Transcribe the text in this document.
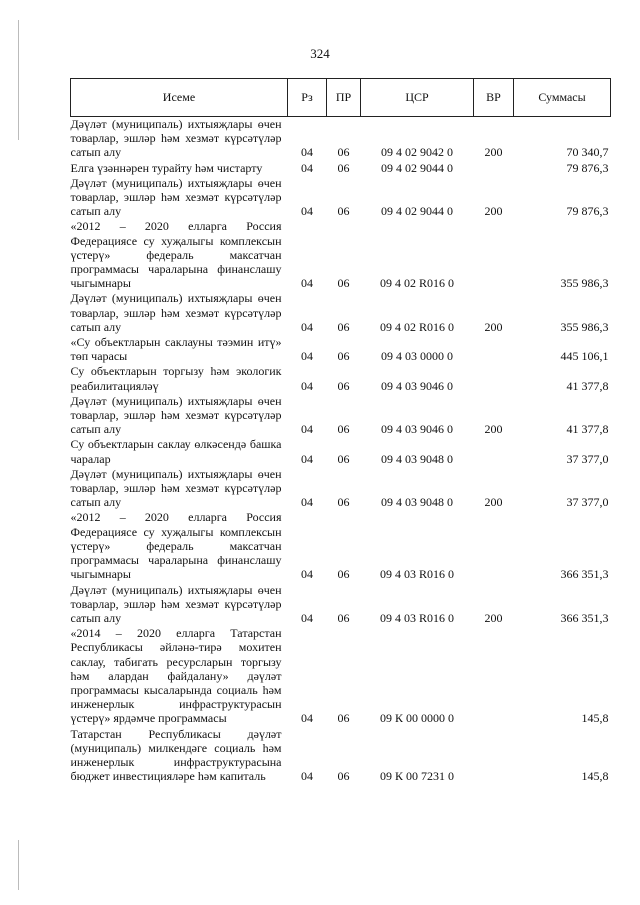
324
Исеме	Рз	ПР	ЦСР	ВР	Суммасы
Дәүләт (муниципаль) ихтыяҗлары өчен товарлар, эшләр һәм хезмәт күрсәтүләр сатып алу	04	06	09 4 02 9042 0	200	70 340,7
Елга үзәннәрен турайту һәм чистарту	04	06	09 4 02 9044 0		79 876,3
Дәүләт (муниципаль) ихтыяҗлары өчен товарлар, эшләр һәм хезмәт күрсәтүләр сатып алу	04	06	09 4 02 9044 0	200	79 876,3
«2012 – 2020 елларга Россия Федерациясе су хуҗалыгы комплексын үстерү» федераль максатчан программасы чараларына финанслашу чыгымнары	04	06	09 4 02 R016 0		355 986,3
Дәүләт (муниципаль) ихтыяҗлары өчен товарлар, эшләр һәм хезмәт күрсәтүләр сатып алу	04	06	09 4 02 R016 0	200	355 986,3
«Су объектларын саклауны тәэмин итү» төп чарасы	04	06	09 4 03 0000 0		445 106,1
Су объектларын торгызу һәм экологик реабилитацияләү	04	06	09 4 03 9046 0		41 377,8
Дәүләт (муниципаль) ихтыяҗлары өчен товарлар, эшләр һәм хезмәт күрсәтүләр сатып алу	04	06	09 4 03 9046 0	200	41 377,8
Су объектларын саклау өлкәсендә башка чаралар	04	06	09 4 03 9048 0		37 377,0
Дәүләт (муниципаль) ихтыяҗлары өчен товарлар, эшләр һәм хезмәт күрсәтүләр сатып алу	04	06	09 4 03 9048 0	200	37 377,0
«2012 – 2020 елларга Россия Федерациясе су хуҗалыгы комплексын үстерү» федераль максатчан программасы чараларына финанслашу чыгымнары	04	06	09 4 03 R016 0		366 351,3
Дәүләт (муниципаль) ихтыяҗлары өчен товарлар, эшләр һәм хезмәт күрсәтүләр сатып алу	04	06	09 4 03 R016 0	200	366 351,3
«2014 – 2020 елларга Татарстан Республикасы әйләнә-тирә мохитен саклау, табигать ресурсларын торгызу һәм алардан файдалану» дәүләт программасы кысаларында социаль һәм инженерлык инфраструктурасын үстерү» ярдәмче программасы	04	06	09 К 00 0000 0		145,8
Татарстан Республикасы дәүләт (муниципаль) милкендәге социаль һәм инженерлык инфраструктурасына бюджет инвестицияләре һәм капиталь	04	06	09 К 00 7231 0		145,8
